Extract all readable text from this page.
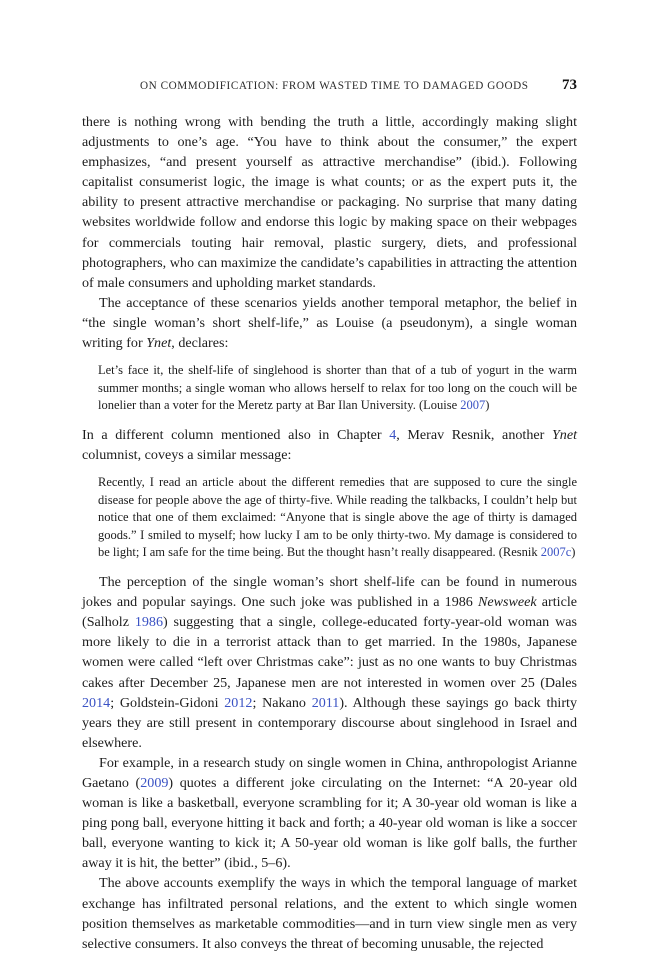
ON COMMODIFICATION: FROM WASTED TIME TO DAMAGED GOODS 73

there is nothing wrong with bending the truth a little, accordingly making slight adjustments to one’s age. “You have to think about the consumer,” the expert emphasizes, “and present yourself as attractive merchandise” (ibid.). Following capitalist consumerist logic, the image is what counts; or as the expert puts it, the ability to present attractive merchandise or packaging. No surprise that many dating websites worldwide follow and endorse this logic by making space on their webpages for commercials touting hair removal, plastic surgery, diets, and professional photographers, who can maximize the candidate’s capabilities in attracting the attention of male consumers and upholding market standards.

The acceptance of these scenarios yields another temporal metaphor, the belief in “the single woman’s short shelf-life,” as Louise (a pseudonym), a single woman writing for Ynet, declares:

Let’s face it, the shelf-life of singlehood is shorter than that of a tub of yogurt in the warm summer months; a single woman who allows herself to relax for too long on the couch will be lonelier than a voter for the Meretz party at Bar Ilan University. (Louise 2007)

In a different column mentioned also in Chapter 4, Merav Resnik, another Ynet columnist, coveys a similar message:

Recently, I read an article about the different remedies that are supposed to cure the single disease for people above the age of thirty-five. While reading the talkbacks, I couldn’t help but notice that one of them exclaimed: “Anyone that is single above the age of thirty is damaged goods.” I smiled to myself; how lucky I am to be only thirty-two. My damage is considered to be light; I am safe for the time being. But the thought hasn’t really disappeared. (Resnik 2007c)

The perception of the single woman’s short shelf-life can be found in numerous jokes and popular sayings. One such joke was published in a 1986 Newsweek article (Salholz 1986) suggesting that a single, college-educated forty-year-old woman was more likely to die in a terrorist attack than to get married. In the 1980s, Japanese women were called “left over Christmas cake”: just as no one wants to buy Christmas cakes after December 25, Japanese men are not interested in women over 25 (Dales 2014; Goldstein-Gidoni 2012; Nakano 2011). Although these sayings go back thirty years they are still present in contemporary discourse about singlehood in Israel and elsewhere.

For example, in a research study on single women in China, anthropologist Arianne Gaetano (2009) quotes a different joke circulating on the Internet: “A 20-year old woman is like a basketball, everyone scrambling for it; A 30-year old woman is like a ping pong ball, everyone hitting it back and forth; a 40-year old woman is like a soccer ball, everyone wanting to kick it; A 50-year old woman is like golf balls, the further away it is hit, the better” (ibid., 5–6).

The above accounts exemplify the ways in which the temporal language of market exchange has infiltrated personal relations, and the extent to which single women position themselves as marketable commodities—and in turn view single men as very selective consumers. It also conveys the threat of becoming unusable, the rejected
